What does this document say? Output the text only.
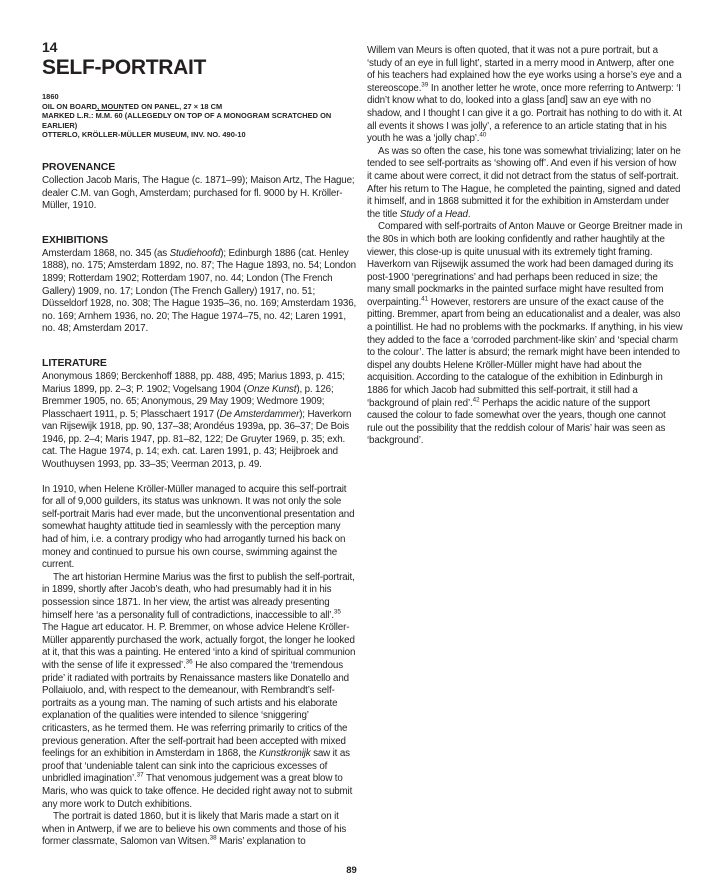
14
SELF-PORTRAIT
1860
OIL ON BOARD, MOUNTED ON PANEL, 27 × 18 CM
MARKED L.R.: M.M. 60 (ALLEGEDLY ON TOP OF A MONOGRAM SCRATCHED ON EARLIER)
OTTERLO, KRÖLLER-MÜLLER MUSEUM, INV. NO. 490-10
PROVENANCE

Collection Jacob Maris, The Hague (c. 1871–99); Maison Artz, The Hague; dealer C.M. van Gogh, Amsterdam; purchased for fl. 9000 by H. Kröller-Müller, 1910.

EXHIBITIONS

Amsterdam 1868, no. 345 (as Studiehoofd); Edinburgh 1886 (cat. Henley 1888), no. 175; Amsterdam 1892, no. 87; The Hague 1893, no. 54; London 1899; Rotterdam 1902; Rotterdam 1907, no. 44; London (The French Gallery) 1909, no. 17; London (The French Gallery) 1917, no. 51; Düsseldorf 1928, no. 308; The Hague 1935–36, no. 169; Amsterdam 1936, no. 169; Arnhem 1936, no. 20; The Hague 1974–75, no. 42; Laren 1991, no. 48; Amsterdam 2017.

LITERATURE

Anonymous 1869; Berckenhoff 1888, pp. 488, 495; Marius 1893, p. 415; Marius 1899, pp. 2–3; P. 1902; Vogelsang 1904 (Onze Kunst), p. 126; Bremmer 1905, no. 65; Anonymous, 29 May 1909; Wedmore 1909; Plasschaert 1911, p. 5; Plasschaert 1917 (De Amsterdammer); Haverkorn van Rijsewijk 1918, pp. 90, 137–38; Arondéus 1939a, pp. 36–37; De Bois 1946, pp. 2–4; Maris 1947, pp. 81–82, 122; De Gruyter 1969, p. 35; exh. cat. The Hague 1974, p. 14; exh. cat. Laren 1991, p. 43; Heijbroek and Wouthuysen 1993, pp. 33–35; Veerman 2013, p. 49.

In 1910, when Helene Kröller-Müller managed to acquire this self-portrait for all of 9,000 guilders, its status was unknown. It was not only the sole self-portrait Maris had ever made, but the unconventional presentation and somewhat haughty attitude tied in seamlessly with the perception many had of him, i.e. a contrary prodigy who had arrogantly turned his back on money and continued to pursue his own course, swimming against the current.

The art historian Hermine Marius was the first to publish the self-portrait, in 1899, shortly after Jacob’s death, who had presumably had it in his possession since 1871. In her view, the artist was already presenting himself here ‘as a personality full of contradictions, inaccessible to all’.$^{35}$ The Hague art educator. H. P. Bremmer, on whose advice Helene Kröller-Müller apparently purchased the work, actually forgot, the longer he looked at it, that this was a painting. He entered ‘into a kind of spiritual communion with the sense of life it expressed’.$^{36}$ He also compared the ‘tremendous pride’ it radiated with portraits by Renaissance masters like Donatello and Pollaiuolo, and, with respect to the demeanour, with Rembrandt’s self-portraits as a young man. The naming of such artists and his elaborate explanation of the qualities were intended to silence ‘sniggering’ criticasters, as he termed them. He was referring primarily to critics of the previous generation. After the self-portrait had been accepted with mixed feelings for an exhibition in Amsterdam in 1868, the Kunstkronijk saw it as proof that ‘undeniable talent can sink into the capricious excesses of unbridled imagination’.$^{37}$ That venomous judgement was a great blow to Maris, who was quick to take offence. He decided right away not to submit any more work to Dutch exhibitions.

The portrait is dated 1860, but it is likely that Maris made a start on it when in Antwerp, if we are to believe his own comments and those of his former classmate, Salomon van Witsen.$^{38}$ Maris’ explanation to

Willem van Meurs is often quoted, that it was not a pure portrait, but a ‘study of an eye in full light’, started in a merry mood in Antwerp, after one of his teachers had explained how the eye works using a horse’s eye and a stereoscope.$^{39}$ In another letter he wrote, once more referring to Antwerp: ‘I didn’t know what to do, looked into a glass [and] saw an eye with no shadow, and I thought I can give it a go. Portrait has nothing to do with it. At all events it shows I was jolly’, a reference to an article stating that in his youth he was a ‘jolly chap’.$^{40}$

As was so often the case, his tone was somewhat trivializing; later on he tended to see self-portraits as ‘showing off’. And even if his version of how it came about were correct, it did not detract from the status of self-portrait. After his return to The Hague, he completed the painting, signed and dated it himself, and in 1868 submitted it for the exhibition in Amsterdam under the title Study of a Head.

Compared with self-portraits of Anton Mauve or George Breitner made in the 80s in which both are looking confidently and rather haughtily at the viewer, this close-up is quite unusual with its extremely tight framing. Haverkorn van Rijsewijk assumed the work had been damaged during its post-1900 ‘peregrinations’ and had perhaps been reduced in size; the many small pockmarks in the painted surface might have resulted from overpainting.$^{41}$ However, restorers are unsure of the exact cause of the pitting. Bremmer, apart from being an educationalist and a dealer, was also a pointillist. He had no problems with the pockmarks. If anything, in his view they added to the face a ‘corroded parchment-like skin’ and ‘special charm to the colour’. The latter is absurd; the remark might have been intended to dispel any doubts Helene Kröller-Müller might have had about the acquisition. According to the catalogue of the exhibition in Edinburgh in 1886 for which Jacob had submitted this self-portrait, it still had a ‘background of plain red’.$^{42}$ Perhaps the acidic nature of the support caused the colour to fade somewhat over the years, though one cannot rule out the possibility that the reddish colour of Maris’ hair was seen as ‘background’.

89
